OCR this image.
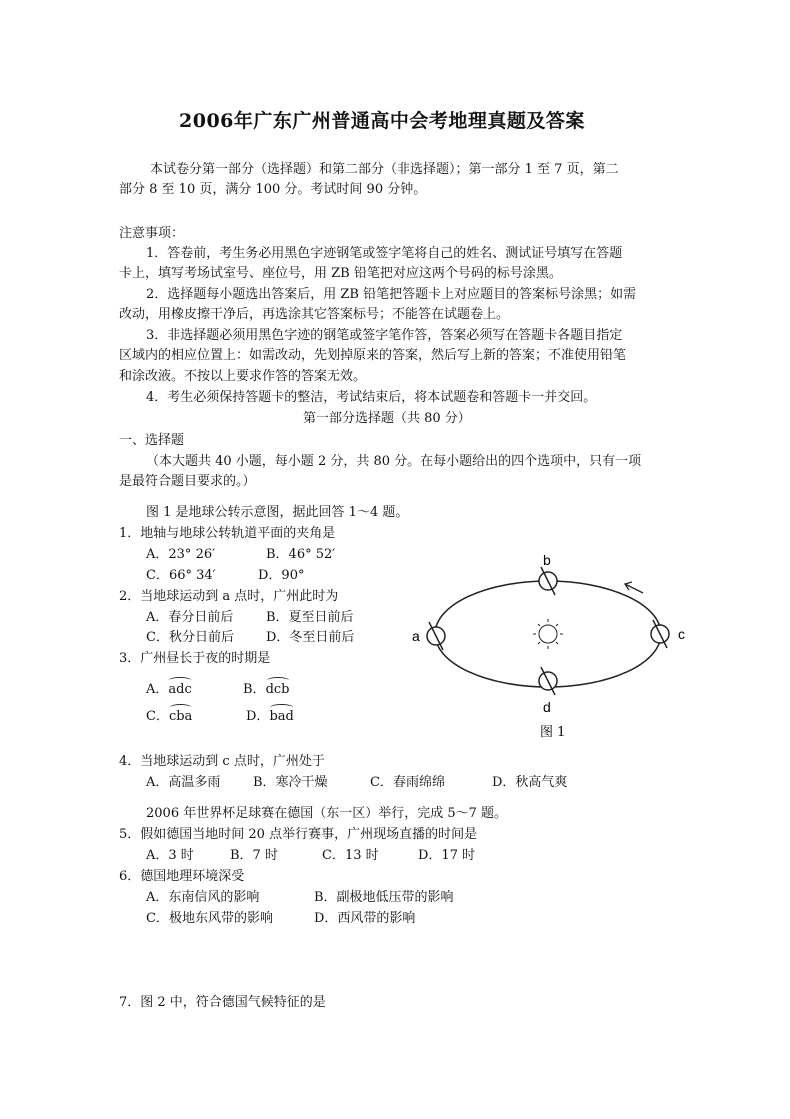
2006年广东广州普通高中会考地理真题及答案
本试卷分第一部分（选择题）和第二部分（非选择题）；第一部分 1 至 7 页，第二
部分 8 至 10 页，满分 100 分。考试时间 90 分钟。
注意事项：
1．答卷前，考生务必用黑色字迹钢笔或签字笔将自己的姓名、测试证号填写在答题
卡上，填写考场试室号、座位号，用 ZB 铅笔把对应这两个号码的标号涂黑。
2．选择题每小题选出答案后，用 ZB 铅笔把答题卡上对应题目的答案标号涂黑；如需
改动，用橡皮擦干净后，再选涂其它答案标号；不能答在试题卷上。
3．非选择题必须用黑色字迹的钢笔或签字笔作答，答案必须写在答题卡各题目指定
区域内的相应位置上：如需改动，先划掉原来的答案，然后写上新的答案；不准使用铅笔
和涂改液。不按以上要求作答的答案无效。
4．考生必须保持答题卡的整洁，考试结束后，将本试题卷和答题卡一并交回。
第一部分选择题（共 80 分）
一、选择题
（本大题共 40 小题，每小题 2 分，共 80 分。在每小题给出的四个选项中，只有一项
是最符合题目要求的。）
图 1 是地球公转示意图，据此回答 1～4 题。
1．地轴与地球公转轨道平面的夹角是
A．23° 26′	B．46° 52′
C．66° 34′	D．90°
2．当地球运动到 a 点时，广州此时为
A．春分日前后	B．夏至日前后
C．秋分日前后 D．冬至日前后
3．广州昼长于夜的时期是
A．adc	B．dcb
C．cba	D．bad
a
b
c
d
图 1
4．当地球运动到 c 点时，广州处于
A．高温多雨	B．寒冷干燥	C．春雨绵绵	D．秋高气爽
2006 年世界杯足球赛在德国（东一区）举行，完成 5～7 题。
5．假如德国当地时间 20 点举行赛事，广州现场直播的时间是
A．3 时	B．7 时	C．13 时	D．17 时
6．德国地理环境深受
A．东南信风的影响	B．副极地低压带的影响
C．极地东风带的影响	D．西风带的影响
7．图 2 中，符合德国气候特征的是
